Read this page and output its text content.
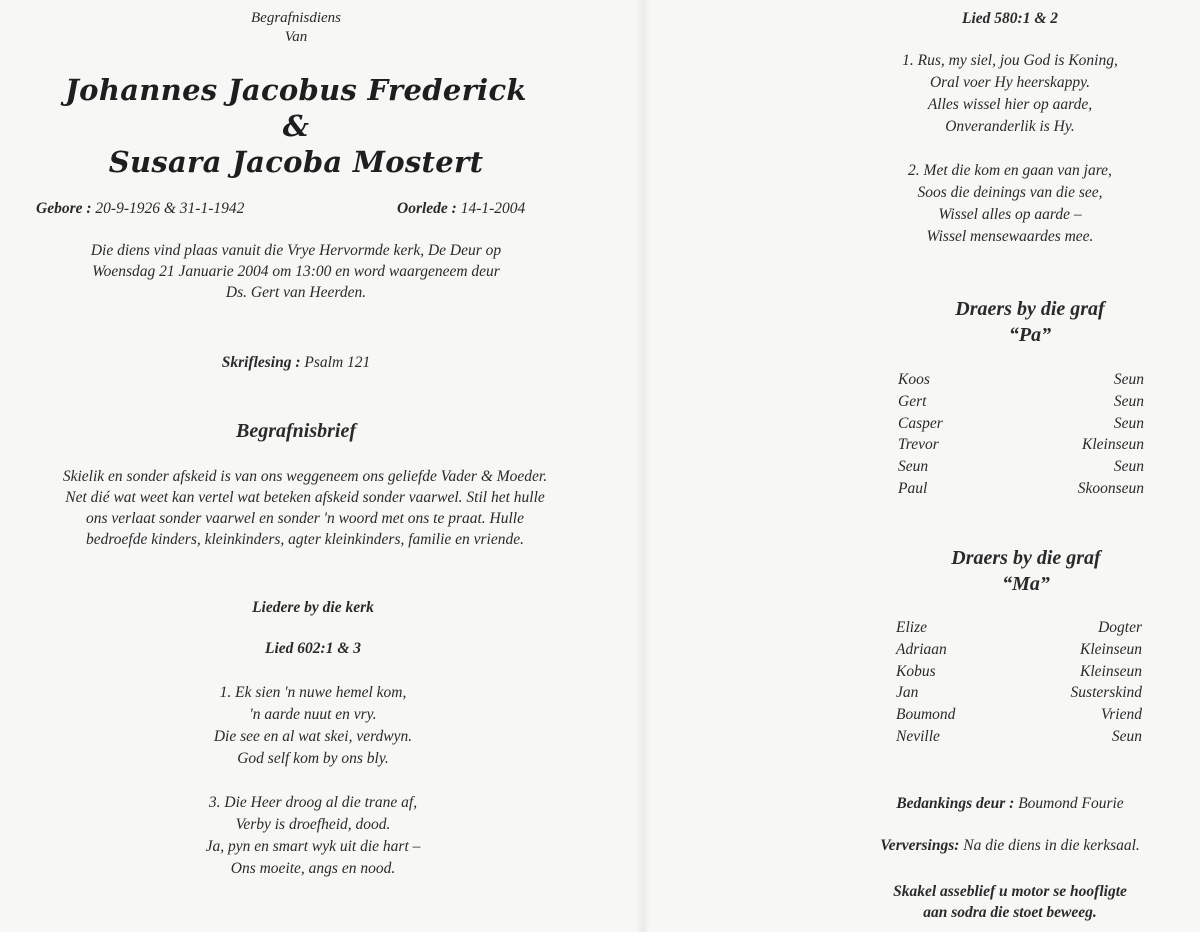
Begrafnisdiens
Van
Johannes Jacobus Frederick
&
Susara Jacoba Mostert
Gebore : 20-9-1926 & 31-1-1942	Oorlede : 14-1-2004
Die diens vind plaas vanuit die Vrye Hervormde kerk, De Deur op
Woensdag 21 Januarie 2004 om 13:00 en word waargeneem deur
Ds. Gert van Heerden.
Skriflesing : Psalm 121
Begrafnisbrief
Skielik en sonder afskeid is van ons weggeneem ons geliefde Vader & Moeder.
Net dié wat weet kan vertel wat beteken afskeid sonder vaarwel. Stil het hulle
ons verlaat sonder vaarwel en sonder 'n woord met ons te praat. Hulle
bedroefde kinders, kleinkinders, agter kleinkinders, familie en vriende.
Liedere by die kerk
Lied 602:1 & 3
1. Ek sien 'n nuwe hemel kom,
'n aarde nuut en vry.
Die see en al wat skei, verdwyn.
God self kom by ons bly.
3. Die Heer droog al die trane af,
Verby is droefheid, dood.
Ja, pyn en smart wyk uit die hart –
Ons moeite, angs en nood.
Lied 580:1 & 2
1. Rus, my siel, jou God is Koning,
Oral voer Hy heerskappy.
Alles wissel hier op aarde,
Onveranderlik is Hy.
2. Met die kom en gaan van jare,
Soos die deinings van die see,
Wissel alles op aarde –
Wissel mensewaardes mee.
Draers by die graf
“Pa”
Koos	Seun
Gert	Seun
Casper	Seun
Trevor	Kleinseun
Seun	Seun
Paul	Skoonseun
Draers by die graf
“Ma”
Elize	Dogter
Adriaan	Kleinseun
Kobus	Kleinseun
Jan	Susterskind
Boumond	Vriend
Neville	Seun
Bedankings deur : Boumond Fourie
Verversings: Na die diens in die kerksaal.
Skakel asseblief u motor se hoofligte
aan sodra die stoet beweeg.
